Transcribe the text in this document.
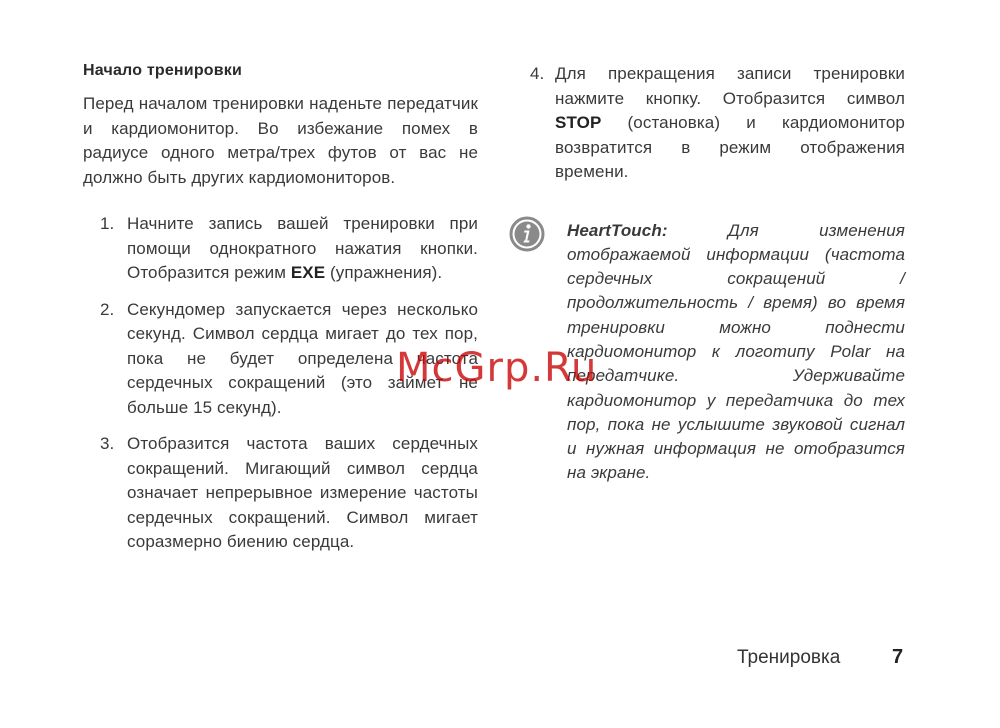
Начало тренировки

Перед началом тренировки наденьте передатчик и кардиомонитор. Во избежание помех в радиусе одного метра/трех футов от вас не должно быть других кардиомониторов.

1. Начните запись вашей тренировки при помощи однократного нажатия кнопки. Отобразится режим EXE (упражнения).

2. Секундомер запускается через несколько секунд. Символ сердца мигает до тех пор, пока не будет определена частота сердечных сокращений (это займет не больше 15 секунд).

3. Отобразится частота ваших сердечных сокращений. Мигающий символ сердца означает непрерывное измерение частоты сердечных сокращений. Символ мигает соразмерно биению сердца.

4. Для прекращения записи тренировки нажмите кнопку. Отобразится символ STOP (остановка) и кардиомонитор возвратится в режим отображения времени.

HeartTouch: Для изменения отображаемой информации (частота сердечных сокращений / продолжительность / время) во время тренировки можно поднести кардиомонитор к логотипу Polar на передатчике. Удерживайте кардиомонитор у передатчика до тех пор, пока не услышите звуковой сигнал и нужная информация не отобразится на экране.

Тренировка	7
McGrp.Ru
